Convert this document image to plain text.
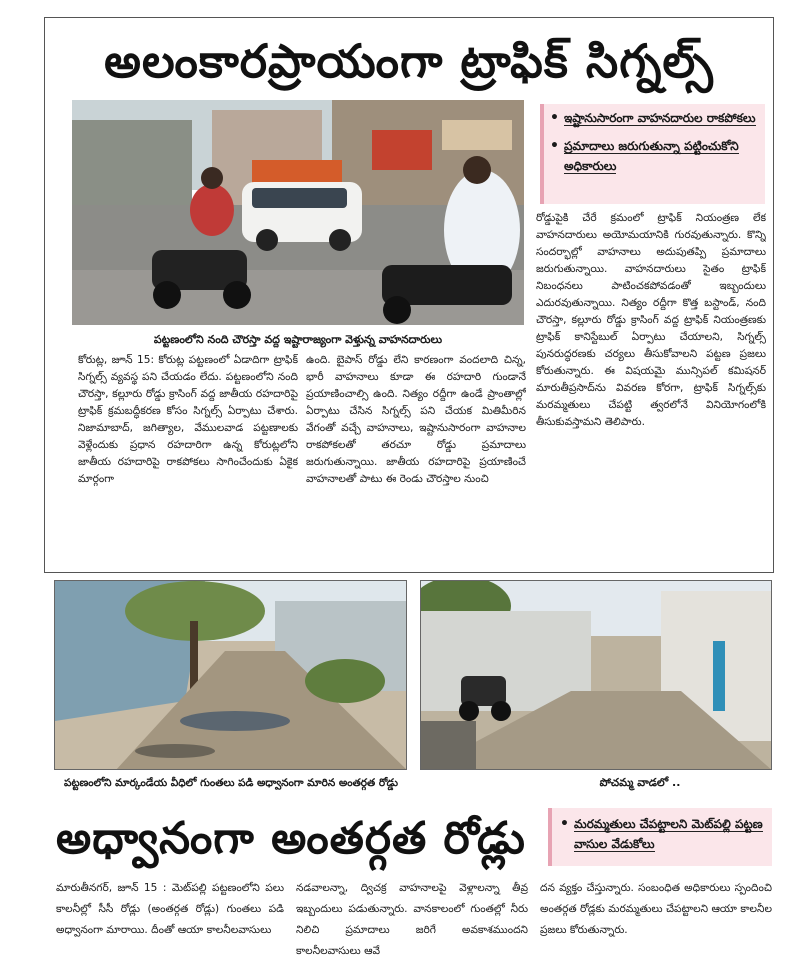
అలంకారప్రాయంగా ట్రాఫిక్ సిగ్నల్స్
పట్టణంలోని నంది చౌరస్తా వద్ద ఇష్టారాజ్యంగా వెళ్తున్న వాహనదారులు
• ఇష్టానుసారంగా వాహనదారుల రాకపోకలు
• ప్రమాదాలు జరుగుతున్నా పట్టించుకోని అధికారులు

రోడ్డుపైకి చేరే క్రమంలో ట్రాఫిక్ నియంత్రణ లేక వాహనదారులు అయోమయానికి గురవుతున్నారు. కొన్ని సందర్భాల్లో వాహనాలు అదుపుతప్పి ప్రమాదాలు జరుగుతున్నాయి. వాహనదారులు సైతం ట్రాఫిక్ నిబంధనలు పాటించకపోవడంతో ఇబ్బందులు ఎదురవుతున్నాయి. నిత్యం రద్దీగా కొత్త బస్టాండ్, నంది చౌరస్తా, కల్లూరు రోడ్డు క్రాసింగ్ వద్ద ట్రాఫిక్ నియంత్రణకు ట్రాఫిక్ కానిస్టేబుల్ ఏర్పాటు చేయాలని, సిగ్నల్స్ పునరుద్ధరణకు చర్యలు తీసుకోవాలని పట్టణ ప్రజలు కోరుతున్నారు. ఈ విషయమై మున్సిపల్ కమిషనర్ మారుతీప్రసాద్‌ను వివరణ కోరగా, ట్రాఫిక్ సిగ్నల్స్‌కు మరమ్మతులు చేపట్టి త్వరలోనే వినియోగంలోకి తీసుకువస్తామని తెలిపారు.

కోరుట్ల, జూన్ 15: కోరుట్ల పట్టణంలో ఏడాదిగా ట్రాఫిక్ సిగ్నల్స్ వ్యవస్థ పని చేయడం లేదు. పట్టణంలోని నంది చౌరస్తా, కల్లూరు రోడ్డు క్రాసింగ్ వద్ద జాతీయ రహదారిపై ట్రాఫిక్ క్రమబద్ధీకరణ కోసం సిగ్నల్స్ ఏర్పాటు చేశారు. నిజామాబాద్, జగిత్యాల, వేములవాడ పట్టణాలకు వెళ్లేందుకు ప్రధాన రహదారిగా ఉన్న కోరుట్లలోని జాతీయ రహదారిపై రాకపోకలు సాగించేందుకు ఏకైక మార్గంగా

ఉంది. బైపాస్ రోడ్డు లేని కారణంగా వందలాది చిన్న, భారీ వాహనాలు కూడా ఈ రహదారి గుండానే ప్రయాణించాల్సి ఉంది. నిత్యం రద్దీగా ఉండే ప్రాంతాల్లో ఏర్పాటు చేసిన సిగ్నల్స్ పని చేయక మితిమీరిన వేగంతో వచ్చే వాహనాలు, ఇష్టానుసారంగా వాహనాల రాకపోకలతో తరచూ రోడ్డు ప్రమాదాలు జరుగుతున్నాయి. జాతీయ రహదారిపై ప్రయాణించే వాహనాలతో పాటు ఈ రెండు చౌరస్తాల నుంచి

పట్టణంలోని మార్కండేయ వీధిలో గుంతలు పడి అధ్వానంగా మారిన అంతర్గత రోడ్డు	పోచమ్మ వాడలో ..
అధ్వానంగా అంతర్గత రోడ్లు
•	మరమ్మతులు చేపట్టాలని మెట్‌పల్లి పట్టణ వాసుల వేడుకోలు

మారుతీనగర్, జూన్ 15 : మెట్‌పల్లి పట్టణంలోని పలు కాలనీల్లో సీసీ రోడ్లు (అంతర్గత రోడ్లు) గుంతలు పడి అధ్వానంగా మారాయి. దీంతో ఆయా కాలనీలవాసులు

నడవాలన్నా, ద్విచక్ర వాహనాలపై వెళ్లాలన్నా తీవ్ర ఇబ్బందులు పడుతున్నారు. వానకాలంలో గుంతల్లో నీరు నిలిచి ప్రమాదాలు జరిగే అవకాశముందని కాలనీలవాసులు ఆవే

దన వ్యక్తం చేస్తున్నారు. సంబంధిత అధికారులు స్పందించి అంతర్గత రోడ్లకు మరమ్మతులు చేపట్టాలని ఆయా కాలనీల ప్రజలు కోరుతున్నారు.
